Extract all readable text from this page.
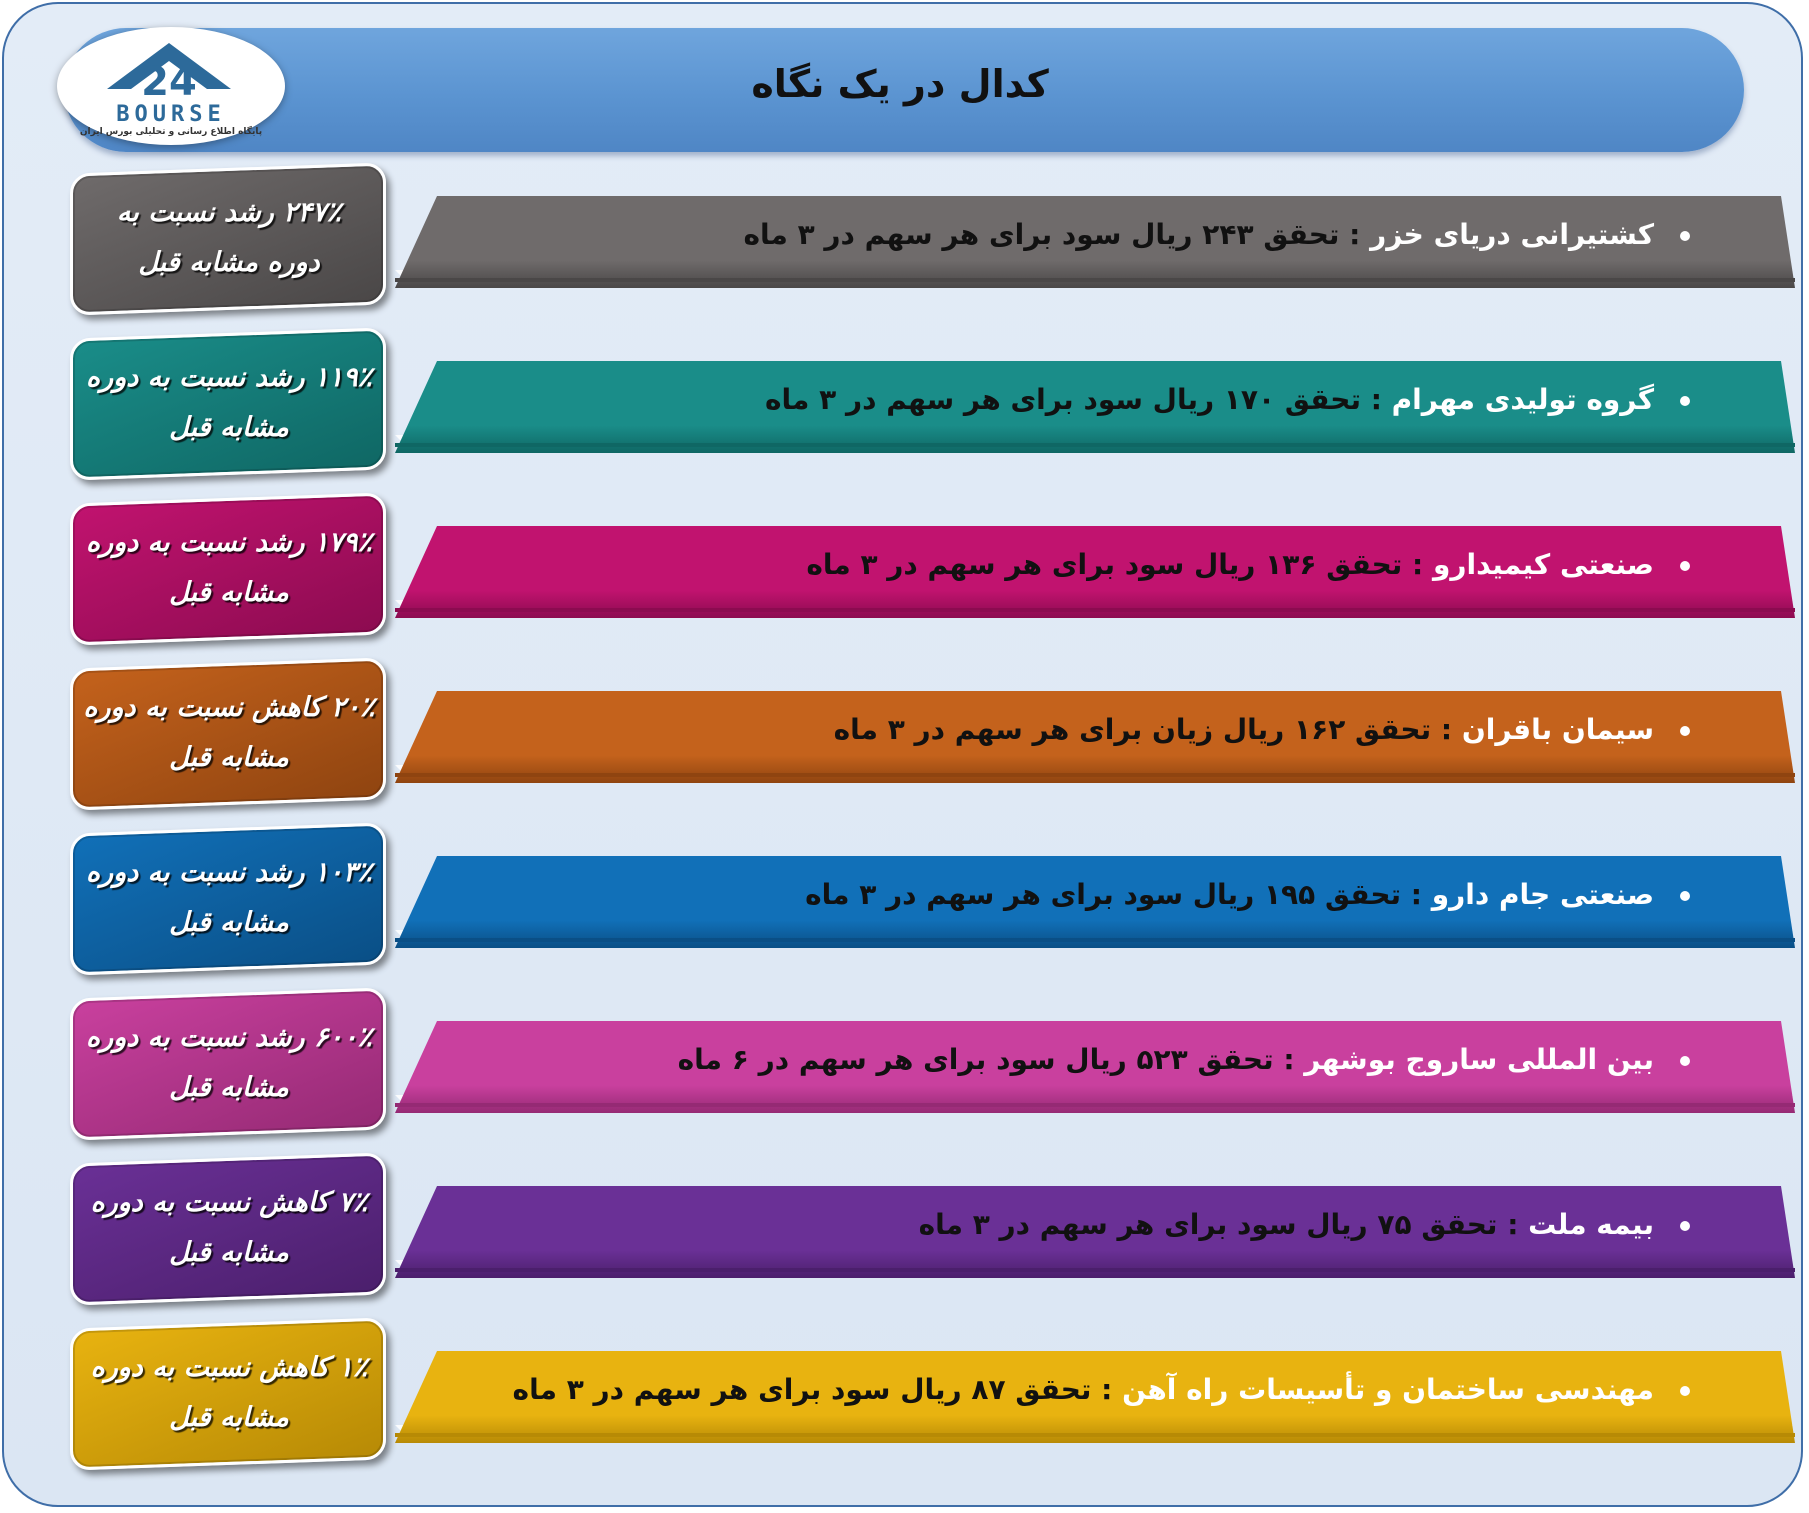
24
BOURSE
پایگاه اطلاع رسانی و تحلیلی بورس ایران
کدال در یک نگاه
کشتیرانی دریای خزر : تحقق ۲۴۳ ریال سود برای هر سهم در ۳ ماه
۲۴۷٪ رشد نسبت به
دوره مشابه قبل
گروه تولیدی مهرام : تحقق ۱۷۰ ریال سود برای هر سهم در ۳ ماه
۱۱۹٪ رشد نسبت به دوره
مشابه قبل
صنعتی کیمیدارو : تحقق ۱۳۶ ریال سود برای هر سهم در ۳ ماه
۱۷۹٪ رشد نسبت به دوره
مشابه قبل
سیمان باقران : تحقق ۱۶۲ ریال زیان برای هر سهم در ۳ ماه
۲۰٪ کاهش نسبت به دوره
مشابه قبل
صنعتی جام دارو : تحقق ۱۹۵ ریال سود برای هر سهم در ۳ ماه
۱۰۳٪ رشد نسبت به دوره
مشابه قبل
بین المللی ساروج بوشهر : تحقق ۵۲۳ ریال سود برای هر سهم در ۶ ماه
۶۰۰٪ رشد نسبت به دوره
مشابه قبل
بیمه ملت : تحقق ۷۵ ریال سود برای هر سهم در ۳ ماه
۷٪ کاهش نسبت به دوره
مشابه قبل
مهندسی ساختمان و تأسیسات راه آهن : تحقق ۸۷ ریال سود برای هر سهم در ۳ ماه
۱٪ کاهش نسبت به دوره
مشابه قبل
